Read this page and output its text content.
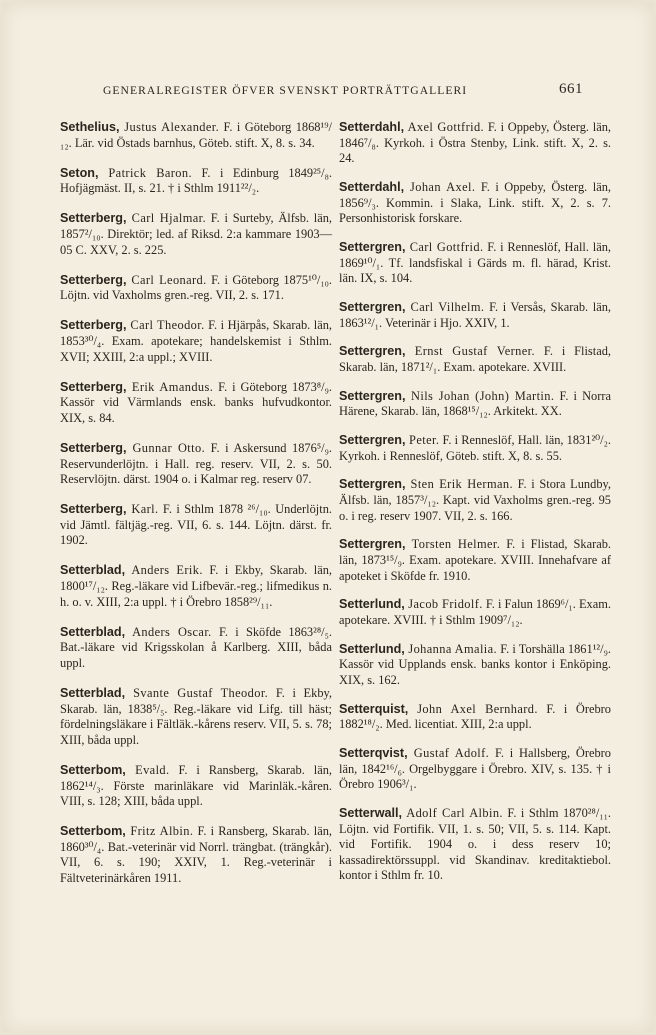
GENERALREGISTER ÖFVER SVENSKT PORTRÄTTGALLERI	661

Sethelius, Justus Alexander. F. i Göteborg 1868¹⁹/₁₂. Lär. vid Östads barnhus, Göteb. stift. X, 8. s. 34.

Seton, Patrick Baron. F. i Edinburg 1849²⁵/₈. Hofjägmäst. II, s. 21. † i Sthlm 1911²²/₂.

Setterberg, Carl Hjalmar. F. i Surteby, Älfsb. län, 1857²/₁₀. Direktör; led. af Riksd. 2:a kammare 1903—05 C. XXV, 2. s. 225.

Setterberg, Carl Leonard. F. i Göteborg 1875¹⁰/₁₀. Löjtn. vid Vaxholms gren.-reg. VII, 2. s. 171.

Setterberg, Carl Theodor. F. i Hjärpås, Skarab. län, 1853³⁰/₄. Exam. apotekare; handelskemist i Sthlm. XVII; XXIII, 2:a uppl.; XVIII.

Setterberg, Erik Amandus. F. i Göteborg 1873⁸/₉. Kassör vid Värmlands ensk. banks hufvudkontor. XIX, s. 84.

Setterberg, Gunnar Otto. F. i Askersund 1876⁵/₉. Reservunderlöjtn. i Hall. reg. reserv. VII, 2. s. 50. Reservlöjtn. därst. 1904 o. i Kalmar reg. reserv 07.

Setterberg, Karl. F. i Sthlm 1878 ²⁶/₁₀. Underlöjtn. vid Jämtl. fältjäg.-reg. VII, 6. s. 144. Löjtn. därst. fr. 1902.

Setterblad, Anders Erik. F. i Ekby, Skarab. län, 1800¹⁷/₁₂. Reg.-läkare vid Lifbevär.-reg.; lifmedikus n. h. o. v. XIII, 2:a uppl. † i Örebro 1858²⁹/₁₁.

Setterblad, Anders Oscar. F. i Sköfde 1863²⁸/₅. Bat.-läkare vid Krigsskolan å Karlberg. XIII, båda uppl.

Setterblad, Svante Gustaf Theodor. F. i Ekby, Skarab. län, 1838⁵/₅. Reg.-läkare vid Lifg. till häst; fördelningsläkare i Fältläk.-kårens reserv. VII, 5. s. 78; XIII, båda uppl.

Setterbom, Evald. F. i Ransberg, Skarab. län, 1862¹⁴/₃. Förste marinläkare vid Marinläk.-kåren. VIII, s. 128; XIII, båda uppl.

Setterbom, Fritz Albin. F. i Ransberg, Skarab. län, 1860³⁰/₄. Bat.-veterinär vid Norrl. trängbat. (trängkår). VII, 6. s. 190; XXIV, 1. Reg.-veterinär i Fältveterinärkåren 1911.

Setterdahl, Axel Gottfrid. F. i Oppeby, Österg. län, 1846⁷/₈. Kyrkoh. i Östra Stenby, Link. stift. X, 2. s. 24.

Setterdahl, Johan Axel. F. i Oppeby, Österg. län, 1856⁹/₃. Kommin. i Slaka, Link. stift. X, 2. s. 7. Personhistorisk forskare.

Settergren, Carl Gottfrid. F. i Renneslöf, Hall. län, 1869¹⁰/₁. Tf. landsfiskal i Gärds m. fl. härad, Krist. län. IX, s. 104.

Settergren, Carl Vilhelm. F. i Versås, Skarab. län, 1863¹²/₁. Veterinär i Hjo. XXIV, 1.

Settergren, Ernst Gustaf Verner. F. i Flistad, Skarab. län, 1871²/₁. Exam. apotekare. XVIII.

Settergren, Nils Johan (John) Martin. F. i Norra Härene, Skarab. län, 1868¹⁵/₁₂. Arkitekt. XX.

Settergren, Peter. F. i Renneslöf, Hall. län, 1831²⁰/₂. Kyrkoh. i Renneslöf, Göteb. stift. X, 8. s. 55.

Settergren, Sten Erik Herman. F. i Stora Lundby, Älfsb. län, 1857³/₁₂. Kapt. vid Vaxholms gren.-reg. 95 o. i reg. reserv 1907. VII, 2. s. 166.

Settergren, Torsten Helmer. F. i Flistad, Skarab. län, 1873¹⁵/₉. Exam. apotekare. XVIII. Innehafvare af apoteket i Sköfde fr. 1910.

Setterlund, Jacob Fridolf. F. i Falun 1869⁶/₁. Exam. apotekare. XVIII. † i Sthlm 1909⁷/₁₂.

Setterlund, Johanna Amalia. F. i Torshälla 1861¹²/₉. Kassör vid Upplands ensk. banks kontor i Enköping. XIX, s. 162.

Setterquist, John Axel Bernhard. F. i Örebro 1882¹⁸/₂. Med. licentiat. XIII, 2:a uppl.

Setterqvist, Gustaf Adolf. F. i Hallsberg, Örebro län, 1842¹⁶/₆. Orgelbyggare i Örebro. XIV, s. 135. † i Örebro 1906³/₁.

Setterwall, Adolf Carl Albin. F. i Sthlm 1870²⁸/₁₁. Löjtn. vid Fortifik. VII, 1. s. 50; VII, 5. s. 114. Kapt. vid Fortifik. 1904 o. i dess reserv 10; kassadirektörssuppl. vid Skandinav. kreditaktiebol. kontor i Sthlm fr. 10.
